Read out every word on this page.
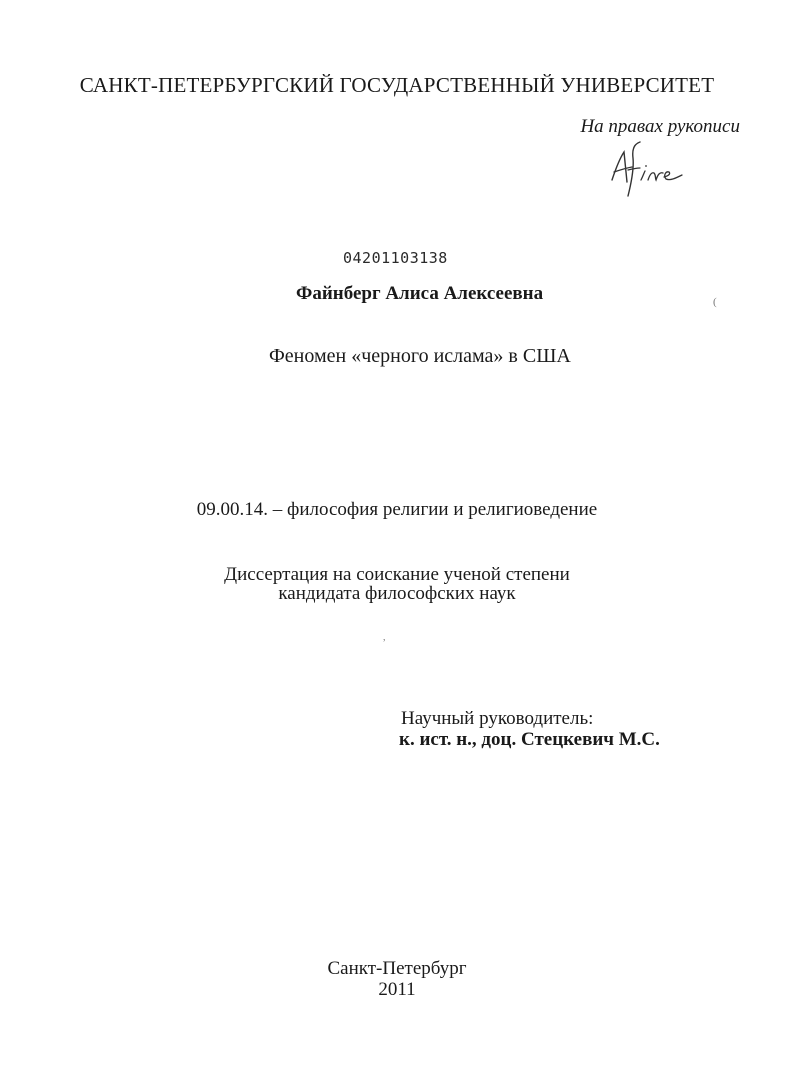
САНКТ-ПЕТЕРБУРГСКИЙ ГОСУДАРСТВЕННЫЙ УНИВЕРСИТЕТ
На правах рукописи
04201103138
Файнберг Алиса Алексеевна	(
Феномен «черного ислама» в США
09.00.14. – философия религии и религиоведение
Диссертация на соискание ученой степени
кандидата философских наук
,
Научный руководитель:
к. ист. н., доц. Стецкевич М.С.
Санкт-Петербург
2011
